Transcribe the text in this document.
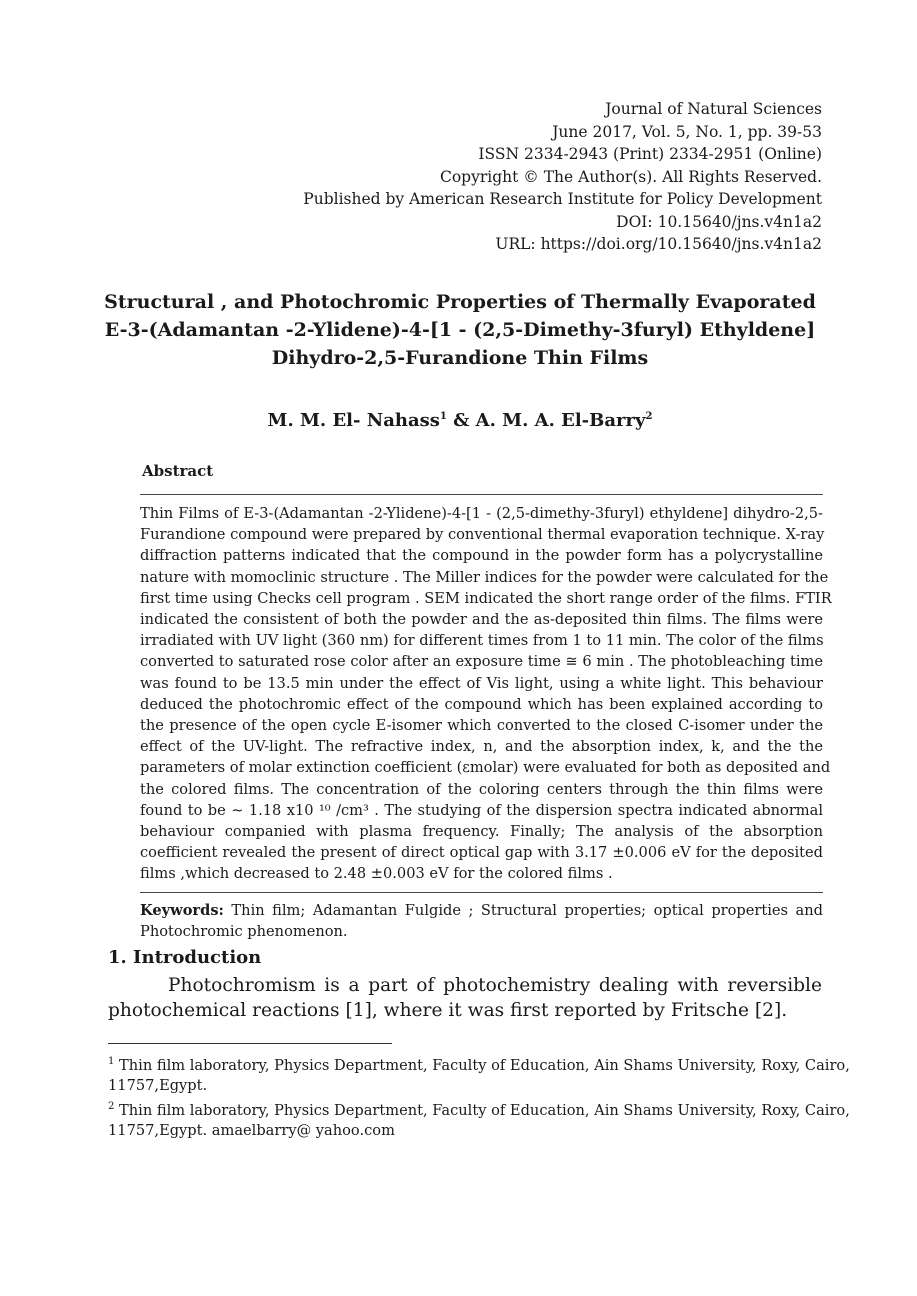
Journal of Natural Sciences
June 2017, Vol. 5, No. 1, pp. 39-53
ISSN 2334-2943 (Print) 2334-2951 (Online)
Copyright © The Author(s). All Rights Reserved.
Published by American Research Institute for Policy Development
DOI: 10.15640/jns.v4n1a2
URL: https://doi.org/10.15640/jns.v4n1a2
Structural , and Photochromic Properties of Thermally Evaporated
E-3-(Adamantan -2-Ylidene)-4-[1 - (2,5-Dimethy-3furyl) Ethyldene]
Dihydro-2,5-Furandione Thin Films
M. M. El- Nahass$^1$ & A. M. A. El-Barry$^2$
Abstract
Thin Films of E-3-(Adamantan -2-Ylidene)-4-[1 - (2,5-dimethy-3furyl) ethyldene] dihydro-2,5-
Furandione compound were prepared by conventional thermal evaporation technique. X-ray
diffraction patterns indicated that the compound in the powder form has a polycrystalline
nature with momoclinic structure . The Miller indices for the powder were calculated for the
first time using Checks cell program . SEM indicated the short range order of the films. FTIR
indicated the consistent of both the powder and the as-deposited thin films. The films were
irradiated with UV light (360 nm) for different times from 1 to 11 min. The color of the films
converted to saturated rose color after an exposure time ≅ 6 min . The photobleaching time
was found to be 13.5 min under the effect of Vis light, using a white light. This behaviour
deduced the photochromic effect of the compound which has been explained according to
the presence of the open cycle E-isomer which converted to the closed C-isomer under the
effect of the UV-light. The refractive index, n, and the absorption index, k, and the the
parameters of molar extinction coefficient (εmolar) were evaluated for both as deposited and
the colored films. The concentration of the coloring centers through the thin films were
found to be ~ 1.18 x10 ¹⁰ /cm³ . The studying of the dispersion spectra indicated abnormal
behaviour companied with plasma frequency. Finally; The analysis of the absorption
coefficient revealed the present of direct optical gap with 3.17 ±0.006 eV for the deposited
films ,which decreased to 2.48 ±0.003 eV for the colored films .
Keywords: Thin film; Adamantan Fulgide ; Structural properties; optical properties and
Photochromic phenomenon.
1. Introduction
Photochromism is a part of photochemistry dealing with reversible
photochemical reactions [1], where it was first reported by Fritsche [2].
$^1$ Thin film laboratory, Physics Department, Faculty of Education, Ain Shams University, Roxy, Cairo,
11757,Egypt.
$^2$ Thin film laboratory, Physics Department, Faculty of Education, Ain Shams University, Roxy, Cairo,
11757,Egypt. amaelbarry@ yahoo.com
